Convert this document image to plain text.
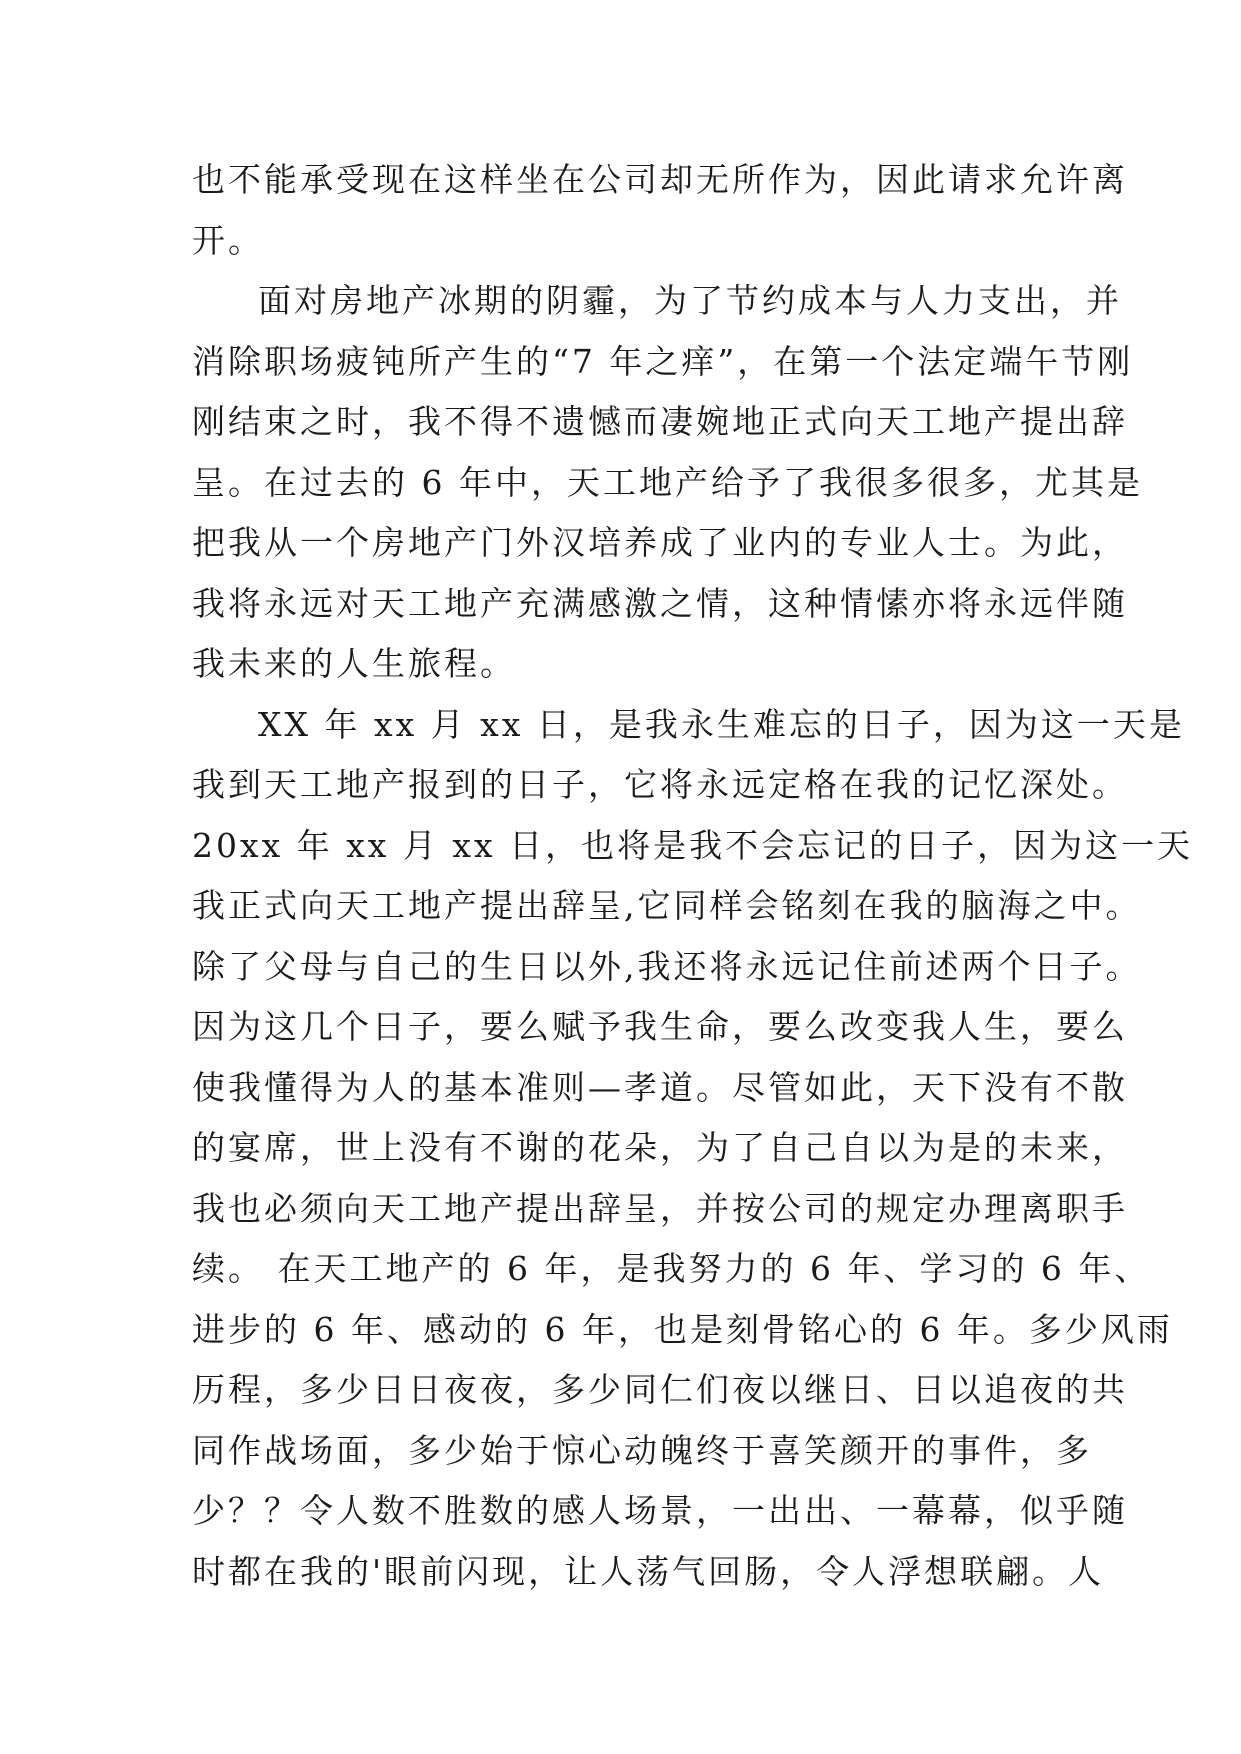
也不能承受现在这样坐在公司却无所作为，因此请求允许离
开。
面对房地产冰期的阴霾，为了节约成本与人力支出，并
消除职场疲钝所产生的“7 年之痒”，在第一个法定端午节刚
刚结束之时，我不得不遗憾而凄婉地正式向天工地产提出辞
呈。在过去的 6 年中，天工地产给予了我很多很多，尤其是
把我从一个房地产门外汉培养成了业内的专业人士。为此，
我将永远对天工地产充满感激之情，这种情愫亦将永远伴随
我未来的人生旅程。
XX 年 xx 月 xx 日，是我永生难忘的日子，因为这一天是
我到天工地产报到的日子，它将永远定格在我的记忆深处。
20xx 年 xx 月 xx 日，也将是我不会忘记的日子，因为这一天
我正式向天工地产提出辞呈,它同样会铭刻在我的脑海之中。
除了父母与自己的生日以外,我还将永远记住前述两个日子。
因为这几个日子，要么赋予我生命，要么改变我人生，要么
使我懂得为人的基本准则—孝道。尽管如此，天下没有不散
的宴席，世上没有不谢的花朵，为了自己自以为是的未来，
我也必须向天工地产提出辞呈，并按公司的规定办理离职手
续。 在天工地产的 6 年，是我努力的 6 年、学习的 6 年、
进步的 6 年、感动的 6 年，也是刻骨铭心的 6 年。多少风雨
历程，多少日日夜夜，多少同仁们夜以继日、日以追夜的共
同作战场面，多少始于惊心动魄终于喜笑颜开的事件，多
少？？令人数不胜数的感人场景，一出出、一幕幕，似乎随
时都在我的'眼前闪现，让人荡气回肠，令人浮想联翩。人
